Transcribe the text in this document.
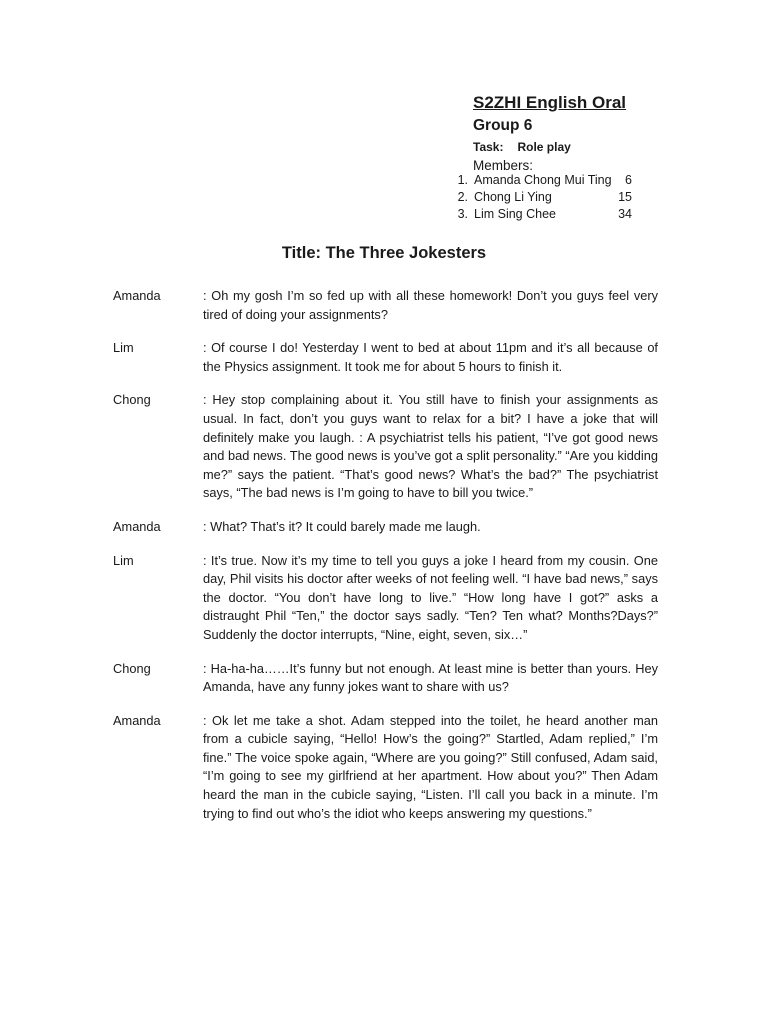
S2ZHI English Oral
Group 6
Task: Role play
Members:
1. Amanda Chong Mui Ting 6
2. Chong Li Ying	15
3. Lim Sing Chee	34
Title: The Three Jokesters
Amanda	: Oh my gosh I’m so fed up with all these homework! Don’t you guys feel very tired of doing your assignments?
Lim	: Of course I do! Yesterday I went to bed at about 11pm and it’s all because of the Physics assignment. It took me for about 5 hours to finish it.
Chong	: Hey stop complaining about it. You still have to finish your assignments as usual. In fact, don’t you guys want to relax for a bit? I have a joke that will definitely make you laugh. : A psychiatrist tells his patient, “I’ve got good news and bad news. The good news is you’ve got a split personality.” “Are you kidding me?” says the patient. “That’s good news? What’s the bad?” The psychiatrist says, “The bad news is I’m going to have to bill you twice.”
Amanda	: What? That’s it? It could barely made me laugh.
Lim	: It’s true. Now it’s my time to tell you guys a joke I heard from my cousin. One day, Phil visits his doctor after weeks of not feeling well. “I have bad news,” says the doctor. “You don’t have long to live.” “How long have I got?” asks a distraught Phil “Ten,” the doctor says sadly. “Ten? Ten what? Months?Days?” Suddenly the doctor interrupts, “Nine, eight, seven, six…”
Chong	: Ha-ha-ha……It’s funny but not enough. At least mine is better than yours. Hey Amanda, have any funny jokes want to share with us?
Amanda	: Ok let me take a shot. Adam stepped into the toilet, he heard another man from a cubicle saying, “Hello! How’s the going?” Startled, Adam replied,” I’m fine.” The voice spoke again, “Where are you going?” Still confused, Adam said, “I’m going to see my girlfriend at her apartment. How about you?” Then Adam heard the man in the cubicle saying, “Listen. I’ll call you back in a minute. I’m trying to find out who’s the idiot who keeps answering my questions.”
